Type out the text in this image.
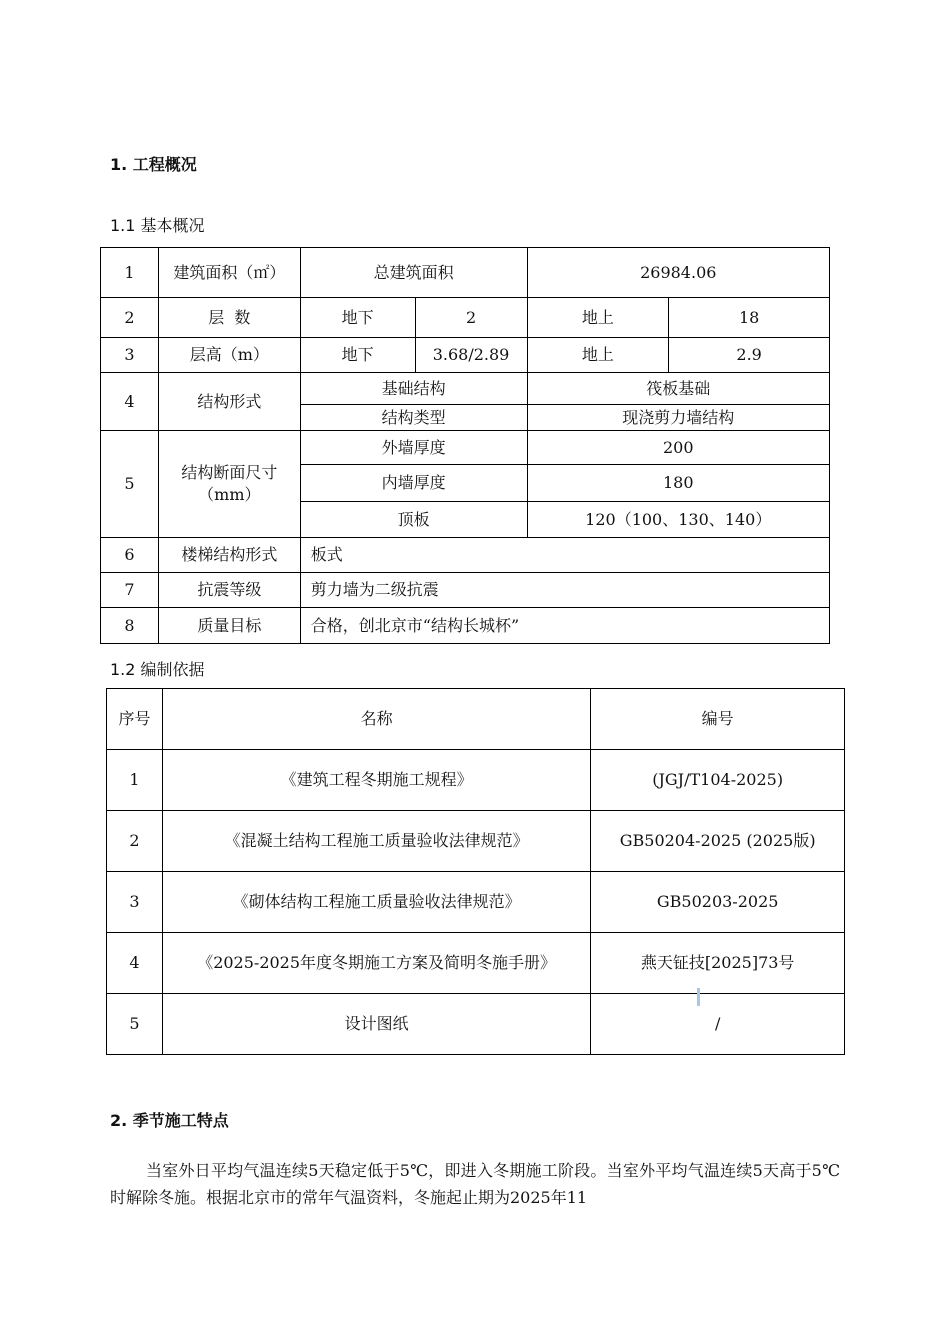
1. 工程概况
1.1 基本概况
1	建筑面积（㎡）	总建筑面积		26984.06	
2	层  数	地下	2	地上	18
3	层高（m）	地下	3.68/2.89	地上	2.9
4	结构形式	基础结构		筏板基础	
		结构类型		现浇剪力墙结构	
5	结构断面尺寸（mm）	外墙厚度		200	
		内墙厚度		180	
		顶板		120（100、130、140）	
6	楼梯结构形式	板式			
7	抗震等级	剪力墙为二级抗震			
8	质量目标	合格，创北京市“结构长城杯”			
1.2 编制依据
序号	名称	编号
1	《建筑工程冬期施工规程》	(JGJ/T104-2025)
2	《混凝土结构工程施工质量验收法律规范》	GB50204-2025 (2025版)
3	《砌体结构工程施工质量验收法律规范》	GB50203-2025
4	《2025-2025年度冬期施工方案及简明冬施手册》	燕天钲技[2025]73号
5	设计图纸	/
2. 季节施工特点
当室外日平均气温连续5天稳定低于5℃，即进入冬期施工阶段。当室外平均气温连续5天高于5℃时解除冬施。根据北京市的常年气温资料，冬施起止期为2025年11
